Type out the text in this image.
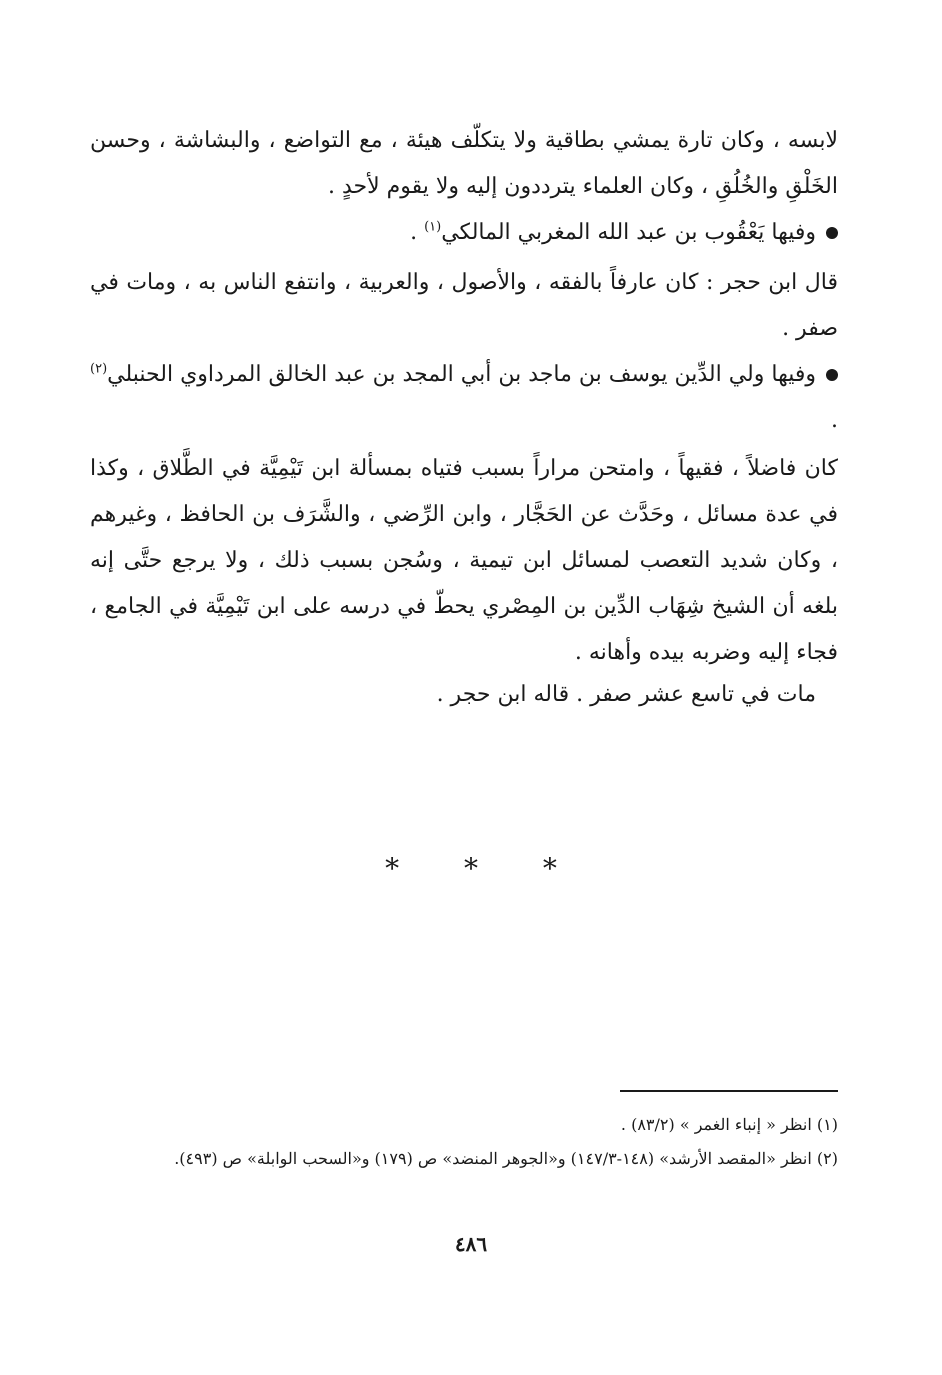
لابسه ، وكان تارة يمشي بطاقية ولا يتكلّف هيئة ، مع التواضع ، والبشاشة ، وحسن الخَلْقِ والخُلُقِ ، وكان العلماء يترددون إليه ولا يقوم لأحدٍ .

وفيها يَعْقُوب بن عبد الله المغربي المالكي$^{(١)}$ .

قال ابن حجر : كان عارفاً بالفقه ، والأصول ، والعربية ، وانتفع الناس به ، ومات في صفر .

وفيها ولي الدِّين يوسف بن ماجد بن أبي المجد بن عبد الخالق المرداوي الحنبلي$^{(٢)}$ .

كان فاضلاً ، فقيهاً ، وامتحن مراراً بسبب فتياه بمسألة ابن تَيْمِيَّة في الطَّلاق ، وكذا في عدة مسائل ، وحَدَّث عن الحَجَّار ، وابن الرِّضي ، والشَّرَف بن الحافظ ، وغيرهم ، وكان شديد التعصب لمسائل ابن تيمية ، وسُجن بسبب ذلك ، ولا يرجع حتَّى إنه بلغه أن الشيخ شِهَاب الدِّين بن المِصْري يحطّ في درسه على ابن تَيْمِيَّة في الجامع ، فجاء إليه وضربه بيده وأهانه .

مات في تاسع عشر صفر . قاله ابن حجر .

* * *

(١) انظر « إنباء الغمر » (٨٣/٢) .

(٢) انظر «المقصد الأرشد» (١٤٨-١٤٧/٣) و«الجوهر المنضد» ص (١٧٩) و«السحب الوابلة» ص (٤٩٣).

٤٨٦
